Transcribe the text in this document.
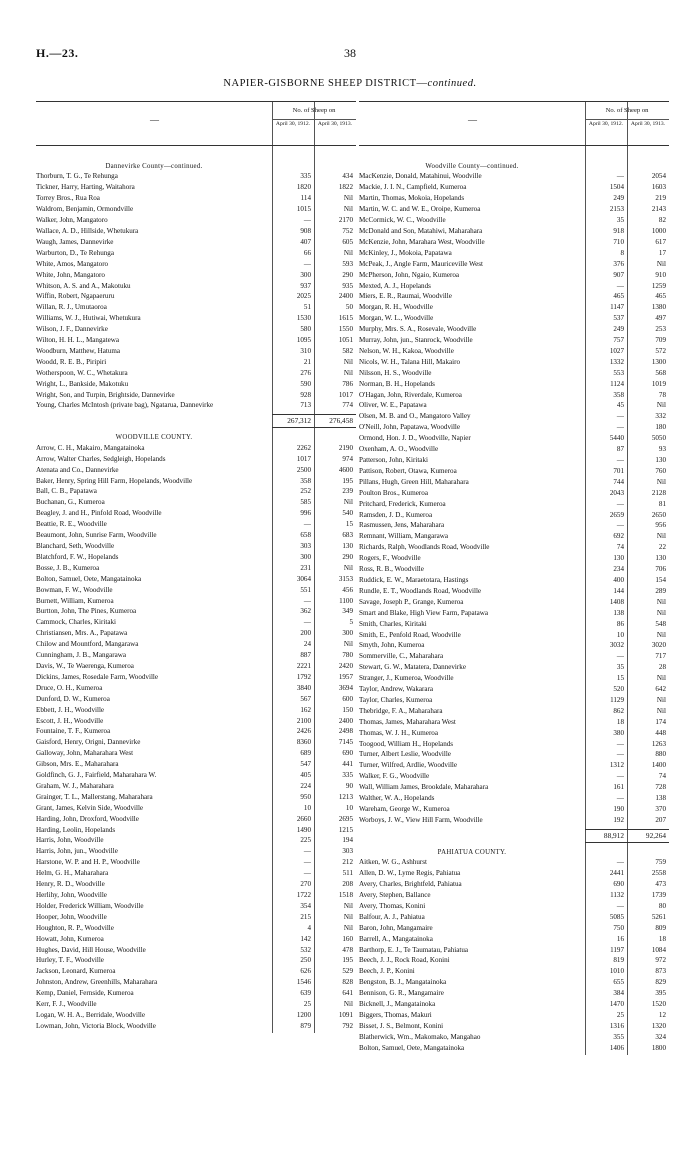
H.—23.	38
NAPIER-GISBORNE SHEEP DISTRICT—continued.
—
No. of Sheep on
April 30, 1912.	April 30, 1913.
Dannevirke County—continued.
Thorburn, T. G., Te Rehunga	335	434
Tickner, Harry, Harting, Waitahora	1820	1822
Torrey Bros., Rua Roa	114	Nil
Waldrom, Benjamin, Ormondville	1015	Nil
Walker, John, Mangatoro	—	2170
Wallace, A. D., Hillside, Whetukura	908	752
Waugh, James, Dannevirke	407	605
Warburton, D., Te Rehunga	66	Nil
White, Amos, Mangatoro	—	593
White, John, Mangatoro	300	290
Whitson, A. S. and A., Makotuku	937	935
Wiffin, Robert, Ngapaeruru	2025	2400
Willan, R. J., Umutaoroa	51	50
Williams, W. J., Hutiwai, Whetukura	1530	1615
Wilson, J. F., Dannevirke	580	1550
Wilton, H. H. L., Mangatewa	1095	1051
Woodburn, Matthew, Hatuma	310	582
Woodd, R. E. B., Piripiri	21	Nil
Wotherspoon, W. C., Whetakura	276	Nil
Wright, L., Bankside, Makotuku	590	786
Wright, Son, and Turpin, Brightside, Dannevirke	928	1017
Young, Charles McIntosh (private bag), Ngatarua, Dannevirke	713	774
267,312	276,458
WOODVILLE COUNTY.
Arrow, C. H., Makairo, Mangatainoka	2262	2190
Arrow, Walter Charles, Sedgleigh, Hopelands	1017	974
Atenata and Co., Dannevirke	2500	4600
Baker, Henry, Spring Hill Farm, Hopelands, Woodville	358	195
Ball, C. B., Papatawa	252	239
Buchanan, G., Kumeroa	585	Nil
Beagley, J. and H., Pinfold Road, Woodville	996	540
Beattie, R. E., Woodville	—	15
Beaumont, John, Sunrise Farm, Woodville	658	683
Blanchard, Seth, Woodville	303	130
Blatchford, F. W., Hopelands	300	290
Bosse, J. B., Kumeroa	231	Nil
Bolton, Samuel, Oete, Mangatainoka	3064	3153
Bowman, F. W., Woodville	551	456
Burnett, William, Kumeroa	—	1100
Burtton, John, The Pines, Kumeroa	362	349
Cammock, Charles, Kiritaki	—	5
Christiansen, Mrs. A., Papatawa	200	300
Chilow and Mountford, Mangarawa	24	Nil
Cunningham, J. B., Mangarawa	887	780
Davis, W., Te Waerenga, Kumeroa	2221	2420
Dickins, James, Rosedale Farm, Woodville	1792	1957
Druce, O. H., Kumeroa	3840	3694
Dunford, D. W., Kumeroa	567	600
Ebbett, J. H., Woodville	162	150
Escott, J. H., Woodville	2100	2400
Fountaine, T. F., Kumeroa	2426	2498
Gaisford, Henry, Origni, Dannevirke	8360	7145
Galloway, John, Maharahara West	689	690
Gibson, Mrs. E., Maharahara	547	441
Goldfinch, G. J., Fairfield, Maharahara W.	405	335
Graham, W. J., Maharahara	224	90
Grainger, T. L., Mallerstang, Maharahara	950	1213
Grant, James, Kelvin Side, Woodville	10	10
Harding, John, Droxford, Woodville	2660	2695
Harding, Leolin, Hopelands	1490	1215
Harris, John, Woodville	225	194
Harris, John, jun., Woodville	—	303
Harstone, W. P. and H. P., Woodville	—	212
Helm, G. H., Maharahara	—	511
Henry, R. D., Woodville	270	208
Herlihy, John, Woodville	1722	1518
Holder, Frederick William, Woodville	354	Nil
Hooper, John, Woodville	215	Nil
Houghton, R. P., Woodville	4	Nil
Howatt, John, Kumeroa	142	160
Hughes, David, Hill House, Woodville	532	478
Hurley, T. F., Woodville	250	195
Jackson, Leonard, Kumeroa	626	529
Johnston, Andrew, Greenhills, Maharahara	1546	828
Kemp, Daniel, Fernside, Kumeroa	639	641
Kerr, F. J., Woodville	25	Nil
Logan, W. H. A., Berridale, Woodville	1200	1091
Lowman, John, Victoria Block, Woodville	879	792
—
No. of Sheep on
April 30, 1912.	April 30, 1913.
Woodville County—continued.
MacKenzie, Donald, Matahinui, Woodville	—	2054
Mackie, J. I. N., Campfield, Kumeroa	1504	1603
Martin, Thomas, Mokoia, Hopelands	249	219
Martin, W. C. and W. E., Oroipe, Kumeroa	2153	2143
McCormick, W. C., Woodville	35	82
McDonald and Son, Matahiwi, Maharahara	918	1000
McKenzie, John, Marahara West, Woodville	710	617
McKinley, J., Mokoia, Papatawa	8	17
McPeak, J., Angle Farm, Mauriceville West	376	Nil
McPherson, John, Ngaio, Kumeroa	907	910
Mexted, A. J., Hopelands	—	1259
Miers, E. R., Raumai, Woodville	465	465
Morgan, R. H., Woodville	1147	1380
Morgan, W. L., Woodville	537	497
Murphy, Mrs. S. A., Rosevale, Woodville	249	253
Murray, John, jun., Stanrock, Woodville	757	709
Nelson, W. H., Kakoa, Woodville	1027	572
Nicols, W. H., Talana Hill, Makairo	1332	1300
Nilsson, H. S., Woodville	553	568
Norman, B. H., Hopelands	1124	1019
O'Hagan, John, Riverdale, Kumeroa	358	78
Oliver, W. E., Papatawa	45	Nil
Olsen, M. B. and O., Mangatoro Valley	—	332
O'Neill, John, Papatawa, Woodville	—	180
Ormond, Hon. J. D., Woodville, Napier	5440	5050
Oxenham, A. O., Woodville	87	93
Patterson, John, Kiritaki	—	130
Pattison, Robert, Otawa, Kumeroa	701	760
Pillans, Hugh, Green Hill, Maharahara	744	Nil
Poulton Bros., Kumeroa	2043	2128
Pritchard, Frederick, Kumeroa	—	81
Ramsden, J. D., Kumeroa	2659	2650
Rasmussen, Jens, Maharahara	—	956
Remnant, William, Mangarawa	692	Nil
Richards, Ralph, Woodlands Road, Woodville	74	22
Rogers, F., Woodville	130	130
Ross, R. B., Woodville	234	706
Ruddick, E. W., Maraetotara, Hastings	400	154
Rundle, E. T., Woodlands Road, Woodville	144	289
Savage, Joseph P., Grange, Kumeroa	1408	Nil
Smart and Blake, High View Farm, Papatawa	138	Nil
Smith, Charles, Kiritaki	86	548
Smith, E., Penfold Road, Woodville	10	Nil
Smyth, John, Kumeroa	3032	3020
Sommerville, C., Maharahara	—	717
Stewart, G. W., Matatera, Dannevirke	35	28
Stranger, J., Kumeroa, Woodville	15	Nil
Taylor, Andrew, Wakarara	520	642
Taylor, Charles, Kumeroa	1129	Nil
Thebridge, F. A., Maharahara	862	Nil
Thomas, James, Maharahara West	18	174
Thomas, W. J. H., Kumeroa	380	448
Toogood, William H., Hopelands	—	1263
Turner, Albert Leslie, Woodville	—	880
Turner, Wilfred, Ardlie, Woodville	1312	1400
Walker, F. G., Woodville	—	74
Wall, William James, Brookdale, Maharahara	161	728
Walther, W. A., Hopelands	—	138
Wareham, George W., Kumeroa	190	370
Worboys, J. W., View Hill Farm, Woodville	192	207
88,912	92,264
PAHIATUA COUNTY.
Aitken, W. G., Ashhurst	—	759
Allen, D. W., Lyme Regis, Pahiatua	2441	2558
Avery, Charles, Brightfeld, Pahiatua	690	473
Avery, Stephen, Ballance	1132	1739
Avery, Thomas, Konini	—	80
Balfour, A. J., Pahiatua	5085	5261
Baron, John, Mangamaire	750	809
Barrell, A., Mangatainoka	16	18
Barthorp, E. J., Te Taumatau, Pahiatua	1197	1084
Beech, J. J., Rock Road, Konini	819	972
Beech, J. P., Konini	1010	873
Bengston, B. J., Mangatainoka	655	829
Bennison, G. R., Mangamaire	384	395
Bicknell, J., Mangatainoka	1470	1520
Biggers, Thomas, Makuri	25	12
Bisset, J. S., Belmont, Konini	1316	1320
Blatherwick, Wm., Makomako, Mangahao	355	324
Bolton, Samuel, Oete, Mangatainoka	1406	1800
